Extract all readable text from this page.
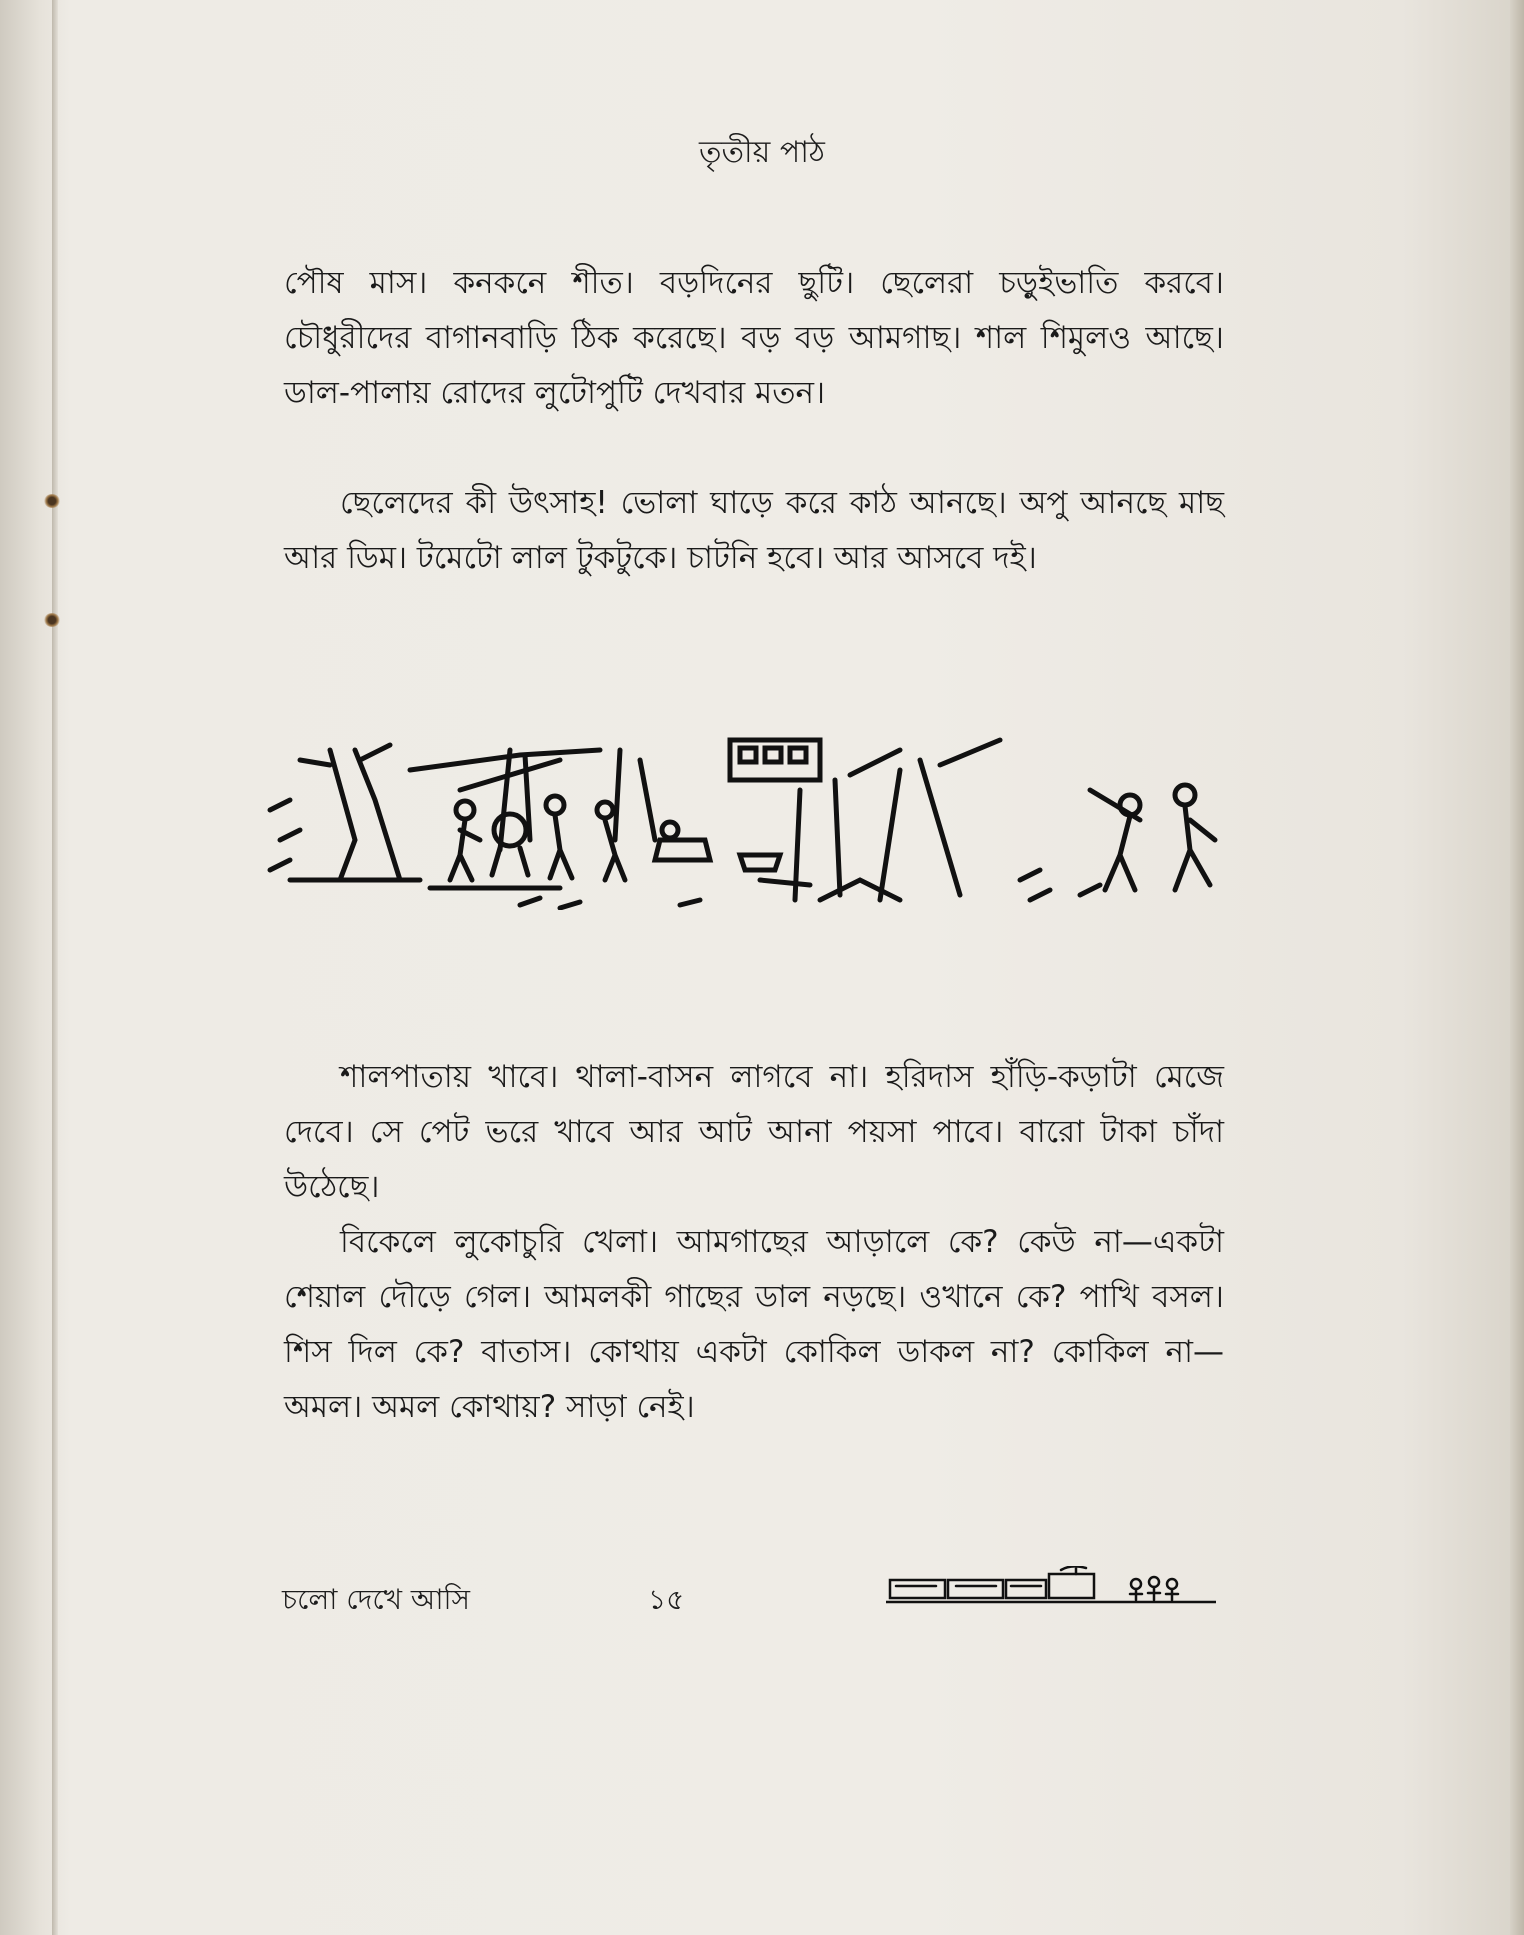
তৃতীয় পাঠ

পৌষ মাস। কনকনে শীত। বড়দিনের ছুটি। ছেলেরা চড়ুইভাতি করবে। চৌধুরীদের বাগানবাড়ি ঠিক করেছে। বড় বড় আমগাছ। শাল শিমুলও আছে। ডাল-পালায় রোদের লুটোপুটি দেখবার মতন।

ছেলেদের কী উৎসাহ! ভোলা ঘাড়ে করে কাঠ আনছে। অপু আনছে মাছ আর ডিম। টমেটো লাল টুকটুকে। চাটনি হবে। আর আসবে দই।

শালপাতায় খাবে। থালা-বাসন লাগবে না। হরিদাস হাঁড়ি-কড়াটা মেজে দেবে। সে পেট ভরে খাবে আর আট আনা পয়সা পাবে। বারো টাকা চাঁদা উঠেছে।

বিকেলে লুকোচুরি খেলা। আমগাছের আড়ালে কে? কেউ না—একটা শেয়াল দৌড়ে গেল। আমলকী গাছের ডাল নড়ছে। ওখানে কে? পাখি বসল। শিস দিল কে? বাতাস। কোথায় একটা কোকিল ডাকল না? কোকিল না—অমল। অমল কোথায়? সাড়া নেই।

চলো দেখে আসি	১৫
